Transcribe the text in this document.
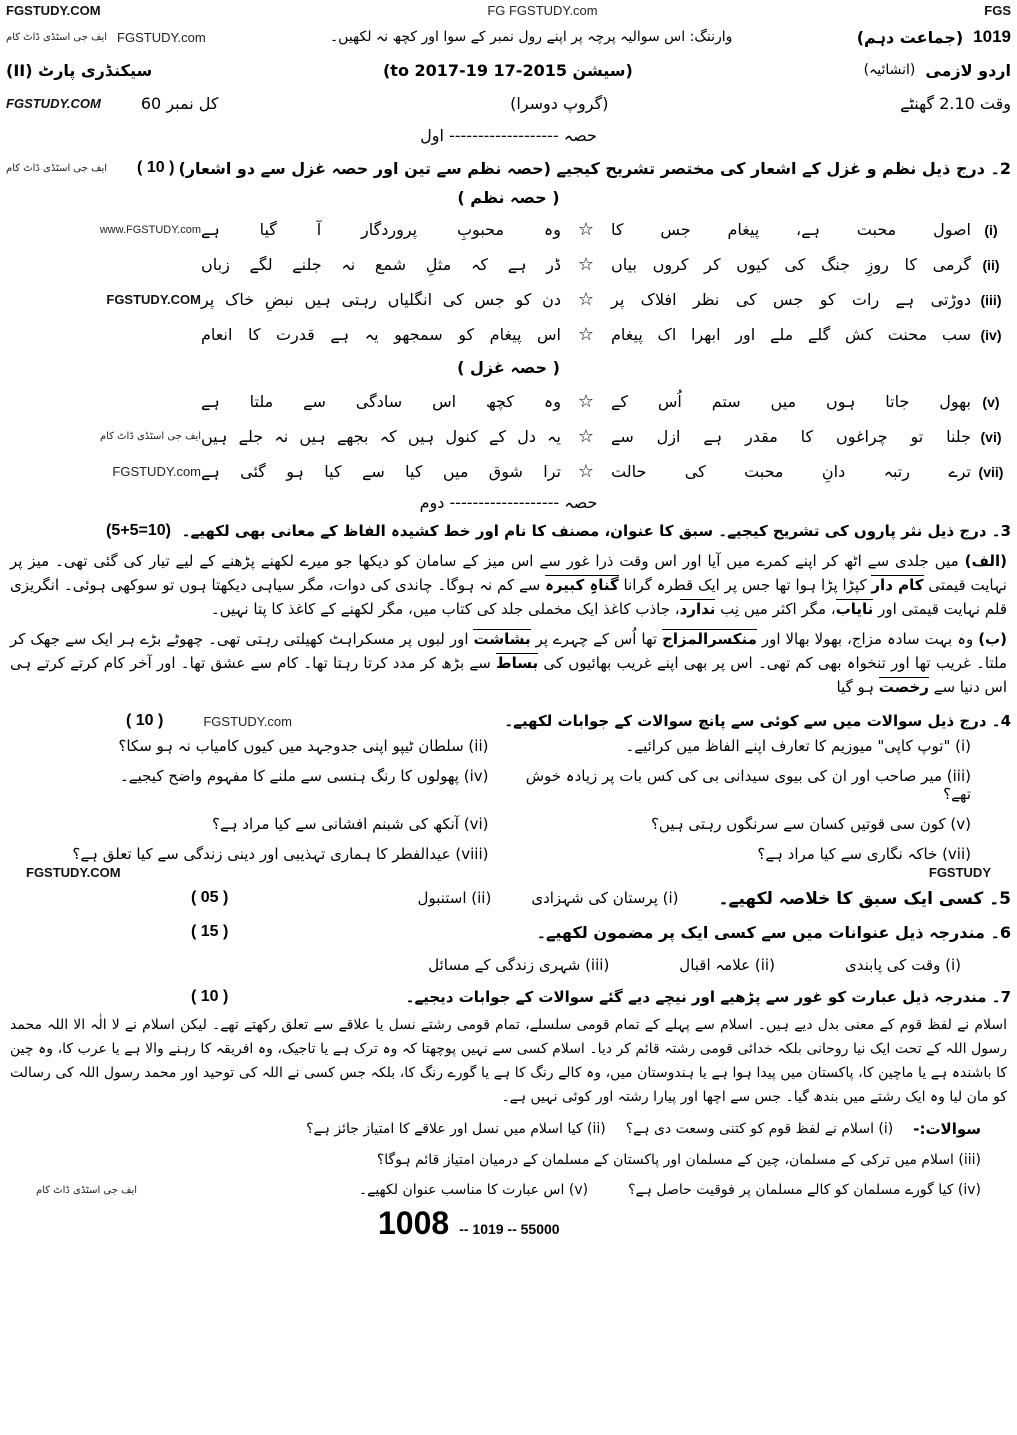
FGS
FG FGSTUDY.com
FGSTUDY.COM
1019
(جماعت دہم)
وارننگ: اس سوالیہ پرچہ پر اپنے رول نمبر کے سوا اور کچھ نہ لکھیں۔
FGSTUDY.com
ایف جی اسٹڈی ڈاٹ کام
اردو لازمی
(انشائیہ)
(سیشن 2015-17 to 2017-19)
سیکنڈری پارٹ (II)
وقت 2.10 گھنٹے
(گروپ دوسرا)
کل نمبر 60
FGSTUDY.COM
حصہ ------------------- اول
2۔ درج ذیل نظم و غزل کے اشعار کی مختصر تشریح کیجیے (حصہ نظم سے تین اور حصہ غزل سے دو اشعار)
( 10 )
ایف جی اسٹڈی ڈاٹ کام
( حصہ نظم )
(i)
اصول محبت ہے، پیغام جس کا
☆
وہ محبوبِ پروردگار آ گیا ہے
www.FGSTUDY.com
(ii)
گرمی کا روزِ جنگ کی کیوں کر کروں بیاں
☆
ڈر ہے کہ مثلِ شمع نہ جلنے لگے زباں
(iii)
دوڑتی ہے رات کو جس کی نظر افلاک پر
☆
دن کو جس کی انگلیاں رہتی ہیں نبضِ خاک پر
FGSTUDY.COM
(iv)
سب محنت کش گلے ملے اور ابھرا اک پیغام
☆
اس پیغام کو سمجھو یہ ہے قدرت کا انعام
( حصہ غزل )
(v)
بھول جاتا ہوں میں ستم اُس کے
☆
وہ کچھ اس سادگی سے ملتا ہے
(vi)
جلنا تو چراغوں کا مقدر ہے ازل سے
☆
یہ دل کے کنول ہیں کہ بجھے ہیں نہ جلے ہیں
ایف جی اسٹڈی ڈاٹ کام
(vii)
ترے رتبہ دانِ محبت کی حالت
☆
ترا شوق میں کیا سے کیا ہو گئی ہے
FGSTUDY.com
حصہ ------------------- دوم
3۔ درج ذیل نثر پاروں کی تشریح کیجیے۔ سبق کا عنوان، مصنف کا نام اور خط کشیدہ الفاظ کے معانی بھی لکھیے۔
(5+5=10)
(الف) میں جلدی سے اٹھ کر اپنے کمرے میں آیا اور اس وقت ذرا غور سے اس میز کے سامان کو دیکھا جو میرے لکھنے پڑھنے کے لیے تیار کی گئی تھی۔ میز پر نہایت قیمتی کام دار کپڑا پڑا ہوا تھا جس پر ایک قطرہ گرانا گناہِ کبیرہ سے کم نہ ہوگا۔ چاندی کی دوات، مگر سیاہی دیکھتا ہوں تو سوکھی ہوئی۔ انگریزی قلم نہایت قیمتی اور نایاب، مگر اکثر میں نِب ندارد، جاذب کاغذ ایک مخملی جلد کی کتاب میں، مگر لکھنے کے کاغذ کا پتا نہیں۔
(ب) وہ بہت سادہ مزاج، بھولا بھالا اور منکسرالمزاج تھا اُس کے چہرے پر بشاشت اور لبوں پر مسکراہٹ کھیلتی رہتی تھی۔ چھوٹے بڑے ہر ایک سے جھک کر ملتا۔ غریب تھا اور تنخواہ بھی کم تھی۔ اس پر بھی اپنے غریب بھائیوں کی بساط سے بڑھ کر مدد کرتا رہتا تھا۔ کام سے عشق تھا۔ اور آخر کام کرتے کرتے ہی اس دنیا سے رخصت ہو گیا
4۔ درج ذیل سوالات میں سے کوئی سے پانچ سوالات کے جوابات لکھیے۔
FGSTUDY.com
( 10 )
(i) "توپ کاپی" میوزیم کا تعارف اپنے الفاظ میں کرائیے۔
(ii) سلطان ٹیپو اپنی جدوجہد میں کیوں کامیاب نہ ہو سکا؟
(iii) میر صاحب اور ان کی بیوی سیدانی بی کی کس بات پر زیادہ خوش تھے؟
(iv) پھولوں کا رنگ ہنسی سے ملنے کا مفہوم واضح کیجیے۔
(v) کون سی قوتیں کسان سے سرنگوں رہتی ہیں؟
(vi) آنکھ کی شبنم افشانی سے کیا مراد ہے؟
(vii) خاکہ نگاری سے کیا مراد ہے؟
(viii) عیدالفطر کا ہماری تہذیبی اور دینی زندگی سے کیا تعلق ہے؟
FGSTUDY
FGSTUDY.COM
5۔ کسی ایک سبق کا خلاصہ لکھیے۔
(i) پرستان کی شہزادی
(ii) استنبول
( 05 )
6۔ مندرجہ ذیل عنوانات میں سے کسی ایک پر مضمون لکھیے۔
( 15 )
(i) وقت کی پابندی
(ii) علامہ اقبال
(iii) شہری زندگی کے مسائل
7۔ مندرجہ ذیل عبارت کو غور سے پڑھیے اور نیچے دیے گئے سوالات کے جوابات دیجیے۔
( 10 )
اسلام نے لفظ قوم کے معنی بدل دیے ہیں۔ اسلام سے پہلے کے تمام قومی سلسلے، تمام قومی رشتے نسل یا علاقے سے تعلق رکھتے تھے۔ لیکن اسلام نے لا الٰہ الا اللہ محمد رسول اللہ کے تحت ایک نیا روحانی بلکہ خدائی قومی رشتہ قائم کر دیا۔ اسلام کسی سے نہیں پوچھتا کہ وہ ترک ہے یا تاجیک، وہ افریقہ کا رہنے والا ہے یا عرب کا، وہ چین کا باشندہ ہے یا ماچین کا، پاکستان میں پیدا ہوا ہے یا ہندوستان میں، وہ کالے رنگ کا ہے یا گورے رنگ کا، بلکہ جس کسی نے اللہ کی توحید اور محمد رسول اللہ کی رسالت کو مان لیا وہ ایک رشتے میں بندھ گیا۔ جس سے اچھا اور پیارا رشتہ اور کوئی نہیں ہے۔
سوالات:-
(i) اسلام نے لفظ قوم کو کتنی وسعت دی ہے؟
(ii) کیا اسلام میں نسل اور علاقے کا امتیاز جائز ہے؟
(iii) اسلام میں ترکی کے مسلمان، چین کے مسلمان اور پاکستان کے مسلمان کے درمیان امتیاز قائم ہوگا؟
(iv) کیا گورے مسلمان کو کالے مسلمان پر فوقیت حاصل ہے؟
(v) اس عبارت کا مناسب عنوان لکھیے۔
ایف جی اسٹڈی ڈاٹ کام
1008 -- 1019 -- 55000
